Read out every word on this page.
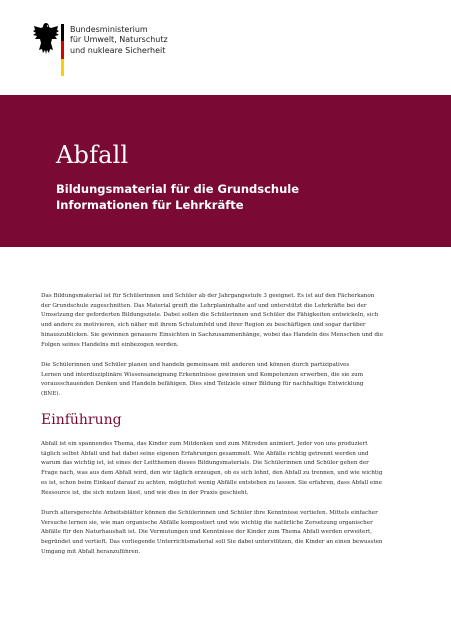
Bundesministerium
für Umwelt, Naturschutz
und nukleare Sicherheit
Abfall
Bildungsmaterial für die Grundschule
Informationen für Lehrkräfte

Das Bildungsmaterial ist für Schülerinnen und Schüler ab der Jahrgangsstufe 3 geeignet. Es ist auf den Fächerkanon
der Grundschule zugeschnitten. Das Material greift die Lehrplaninhalte auf und unterstützt die Lehrkräfte bei der
Umsetzung der geforderten Bildungsziele. Dabei sollen die Schülerinnen und Schüler die Fähigkeiten entwickeln, sich
und andere zu motivieren, sich näher mit ihrem Schulumfeld und ihrer Region zu beschäftigen und sogar darüber
hinauszublicken. Sie gewinnen genauere Einsichten in Sachzusammenhänge, wobei das Handeln des Menschen und die
Folgen seines Handelns mit einbezogen werden.

Die Schülerinnen und Schüler planen und handeln gemeinsam mit anderen und können durch partizipatives
Lernen und interdisziplinäre Wissensaneignung Erkenntnisse gewinnen und Kompetenzen erwerben, die sie zum
vorausschauenden Denken und Handeln befähigen. Dies sind Teilziele einer Bildung für nachhaltige Entwicklung
(BNE).

Einführung

Abfall ist ein spannendes Thema, das Kinder zum Mitdenken und zum Mitreden animiert. Jeder von uns produziert
täglich selbst Abfall und hat dabei seine eigenen Erfahrungen gesammelt. Wie Abfälle richtig getrennt werden und
warum das wichtig ist, ist eines der Leitthemen dieses Bildungsmaterials. Die Schülerinnen und Schüler gehen der
Frage nach, was aus dem Abfall wird, den wir täglich erzeugen, ob es sich lohnt, den Abfall zu trennen, und wie wichtig
es ist, schon beim Einkauf darauf zu achten, möglichst wenig Abfälle entstehen zu lassen. Sie erfahren, dass Abfall eine
Ressource ist, die sich nutzen lässt, und wie dies in der Praxis geschieht.

Durch altersgerechte Arbeitsblätter können die Schülerinnen und Schüler ihre Kenntnisse vertiefen. Mittels einfacher
Versuche lernen sie, wie man organische Abfälle kompostiert und wie wichtig die natürliche Zersetzung organischer
Abfälle für den Naturhaushalt ist. Die Vermutungen und Kenntnisse der Kinder zum Thema Abfall werden erweitert,
begründet und vertieft. Das vorliegende Unterrichtsmaterial soll Sie dabei unterstützen, die Kinder an einen bewussten
Umgang mit Abfall heranzuführen.
